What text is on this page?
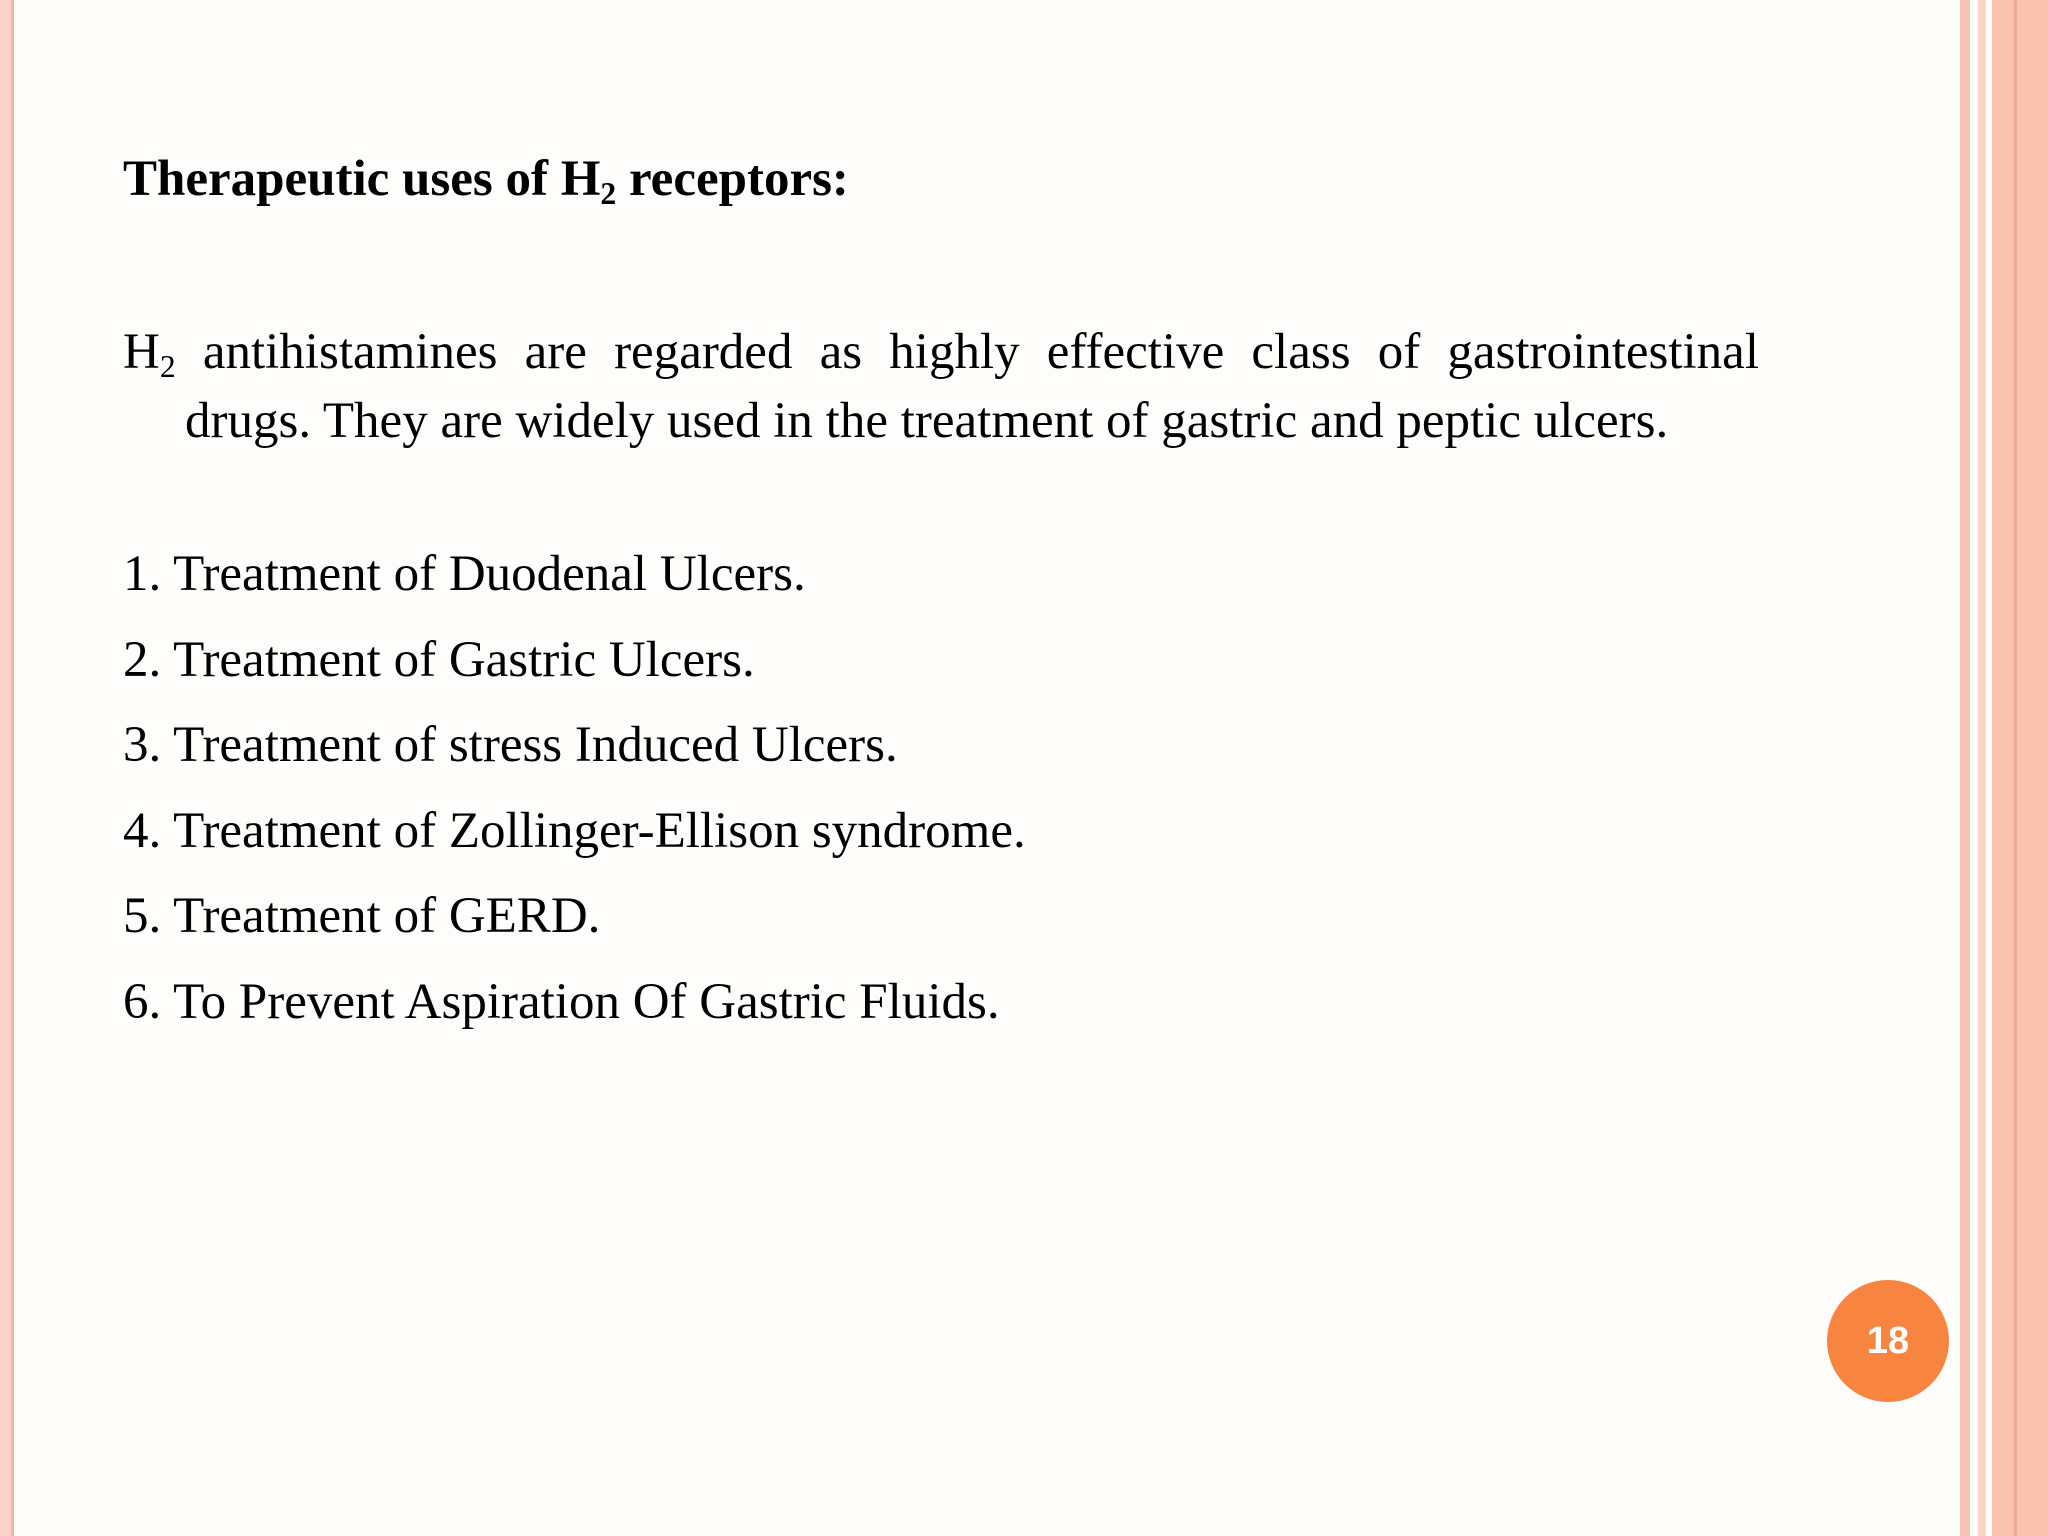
Therapeutic uses of $H_2$ receptors:
$H_2$ antihistamines are regarded as highly effective class of gastrointestinal drugs. They are widely used in the treatment of gastric and peptic ulcers.
1. Treatment of Duodenal Ulcers.
2. Treatment of Gastric Ulcers.
3. Treatment of stress Induced Ulcers.
4. Treatment of Zollinger-Ellison syndrome.
5. Treatment of GERD.
6. To Prevent Aspiration Of Gastric Fluids.
18
